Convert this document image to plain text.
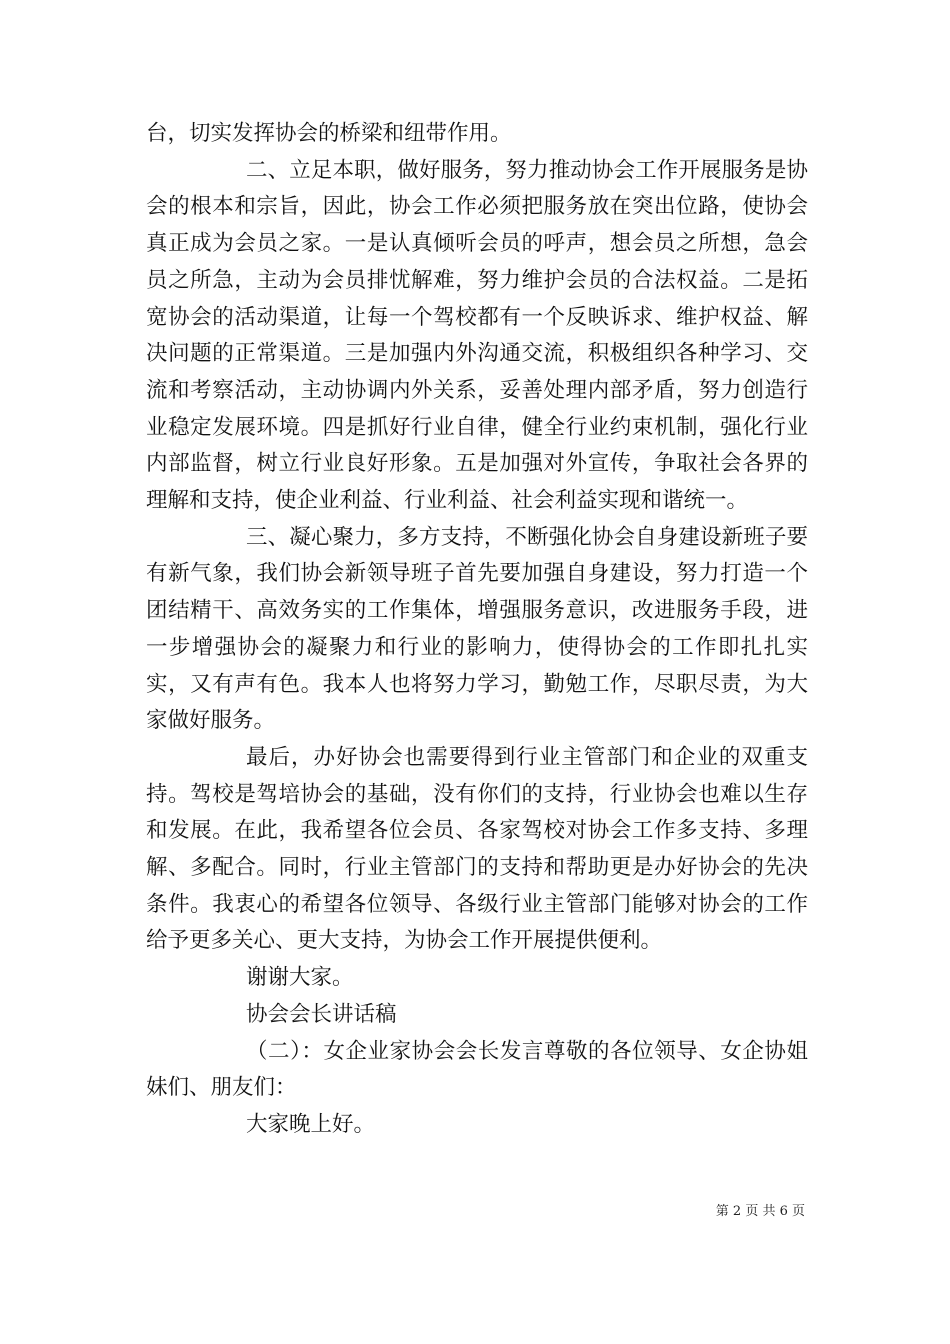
台，切实发挥协会的桥梁和纽带作用。

二、立足本职，做好服务，努力推动协会工作开展服务是协会的根本和宗旨，因此，协会工作必须把服务放在突出位路，使协会真正成为会员之家。一是认真倾听会员的呼声，想会员之所想，急会员之所急，主动为会员排忧解难，努力维护会员的合法权益。二是拓宽协会的活动渠道，让每一个驾校都有一个反映诉求、维护权益、解决问题的正常渠道。三是加强内外沟通交流，积极组织各种学习、交流和考察活动，主动协调内外关系，妥善处理内部矛盾，努力创造行业稳定发展环境。四是抓好行业自律，健全行业约束机制，强化行业内部监督，树立行业良好形象。五是加强对外宣传，争取社会各界的理解和支持，使企业利益、行业利益、社会利益实现和谐统一。

三、凝心聚力，多方支持，不断强化协会自身建设新班子要有新气象，我们协会新领导班子首先要加强自身建设，努力打造一个团结精干、高效务实的工作集体，增强服务意识，改进服务手段，进一步增强协会的凝聚力和行业的影响力，使得协会的工作即扎扎实实，又有声有色。我本人也将努力学习，勤勉工作，尽职尽责，为大家做好服务。

最后，办好协会也需要得到行业主管部门和企业的双重支持。驾校是驾培协会的基础，没有你们的支持，行业协会也难以生存和发展。在此，我希望各位会员、各家驾校对协会工作多支持、多理解、多配合。同时，行业主管部门的支持和帮助更是办好协会的先决条件。我衷心的希望各位领导、各级行业主管部门能够对协会的工作给予更多关心、更大支持，为协会工作开展提供便利。

谢谢大家。

协会会长讲话稿

（二）：女企业家协会会长发言尊敬的各位领导、女企协姐妹们、朋友们：

大家晚上好。

第 2 页 共 6 页
